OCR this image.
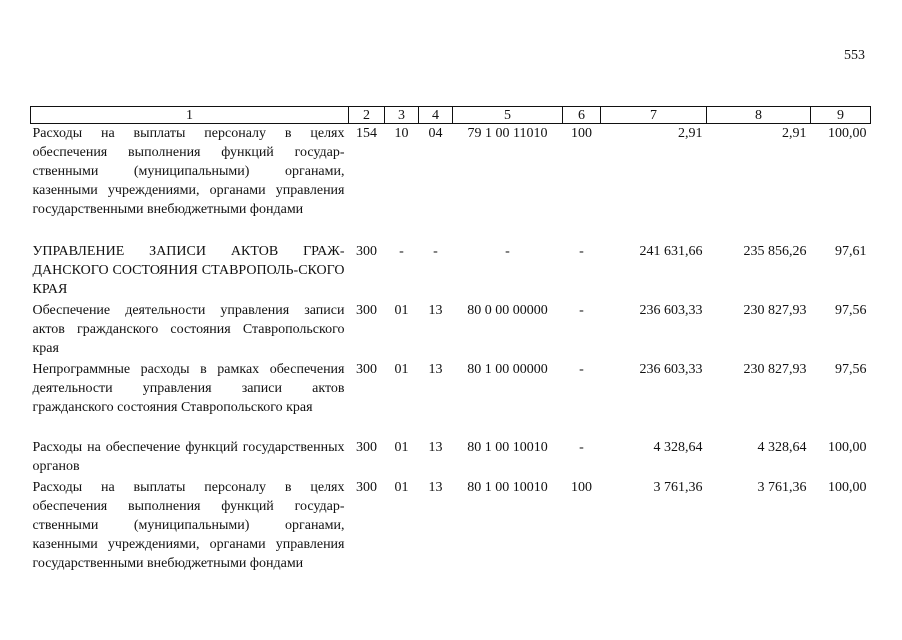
553
1	2	3	4	5	6	7	8	9
Расходы на выплаты персоналу в целях обеспечения выполнения функций государ-ственными (муниципальными) органами, казенными учреждениями, органами управления государственными внебюджетными фондами	154	10	04	79 1 00 11010	100	2,91	2,91	100,00
УПРАВЛЕНИЕ ЗАПИСИ АКТОВ ГРАЖ-ДАНСКОГО СОСТОЯНИЯ СТАВРОПОЛЬ-СКОГО КРАЯ	300	-	-	-	-	241 631,66	235 856,26	97,61
Обеспечение деятельности управления записи актов гражданского состояния Ставропольского края	300	01	13	80 0 00 00000	-	236 603,33	230 827,93	97,56
Непрограммные расходы в рамках обеспечения деятельности управления записи актов гражданского состояния Ставропольского края	300	01	13	80 1 00 00000	-	236 603,33	230 827,93	97,56
Расходы на обеспечение функций государственных органов	300	01	13	80 1 00 10010	-	4 328,64	4 328,64	100,00
Расходы на выплаты персоналу в целях обеспечения выполнения функций государ-ственными (муниципальными) органами, казенными учреждениями, органами управления государственными внебюджетными фондами	300	01	13	80 1 00 10010	100	3 761,36	3 761,36	100,00
